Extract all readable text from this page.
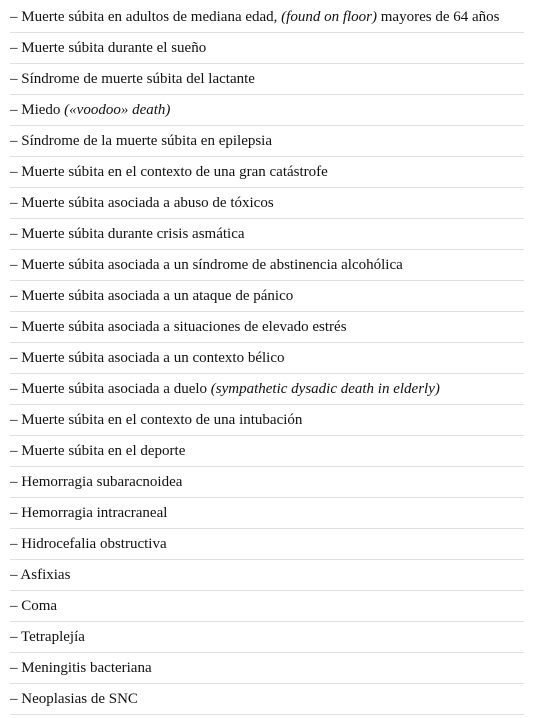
– Muerte súbita en adultos de mediana edad, (found on floor) mayores de 64 años
– Muerte súbita durante el sueño
– Síndrome de muerte súbita del lactante
– Miedo («voodoo» death)
– Síndrome de la muerte súbita en epilepsia
– Muerte súbita en el contexto de una gran catástrofe
– Muerte súbita asociada a abuso de tóxicos
– Muerte súbita durante crisis asmática
– Muerte súbita asociada a un síndrome de abstinencia alcohólica
– Muerte súbita asociada a un ataque de pánico
– Muerte súbita asociada a situaciones de elevado estrés
– Muerte súbita asociada a un contexto bélico
– Muerte súbita asociada a duelo (sympathetic dysadic death in elderly)
– Muerte súbita en el contexto de una intubación
– Muerte súbita en el deporte
– Hemorragia subaracnoidea
– Hemorragia intracraneal
– Hidrocefalia obstructiva
– Asfixias
– Coma
– Tetraplejía
– Meningitis bacteriana
– Neoplasias de SNC
